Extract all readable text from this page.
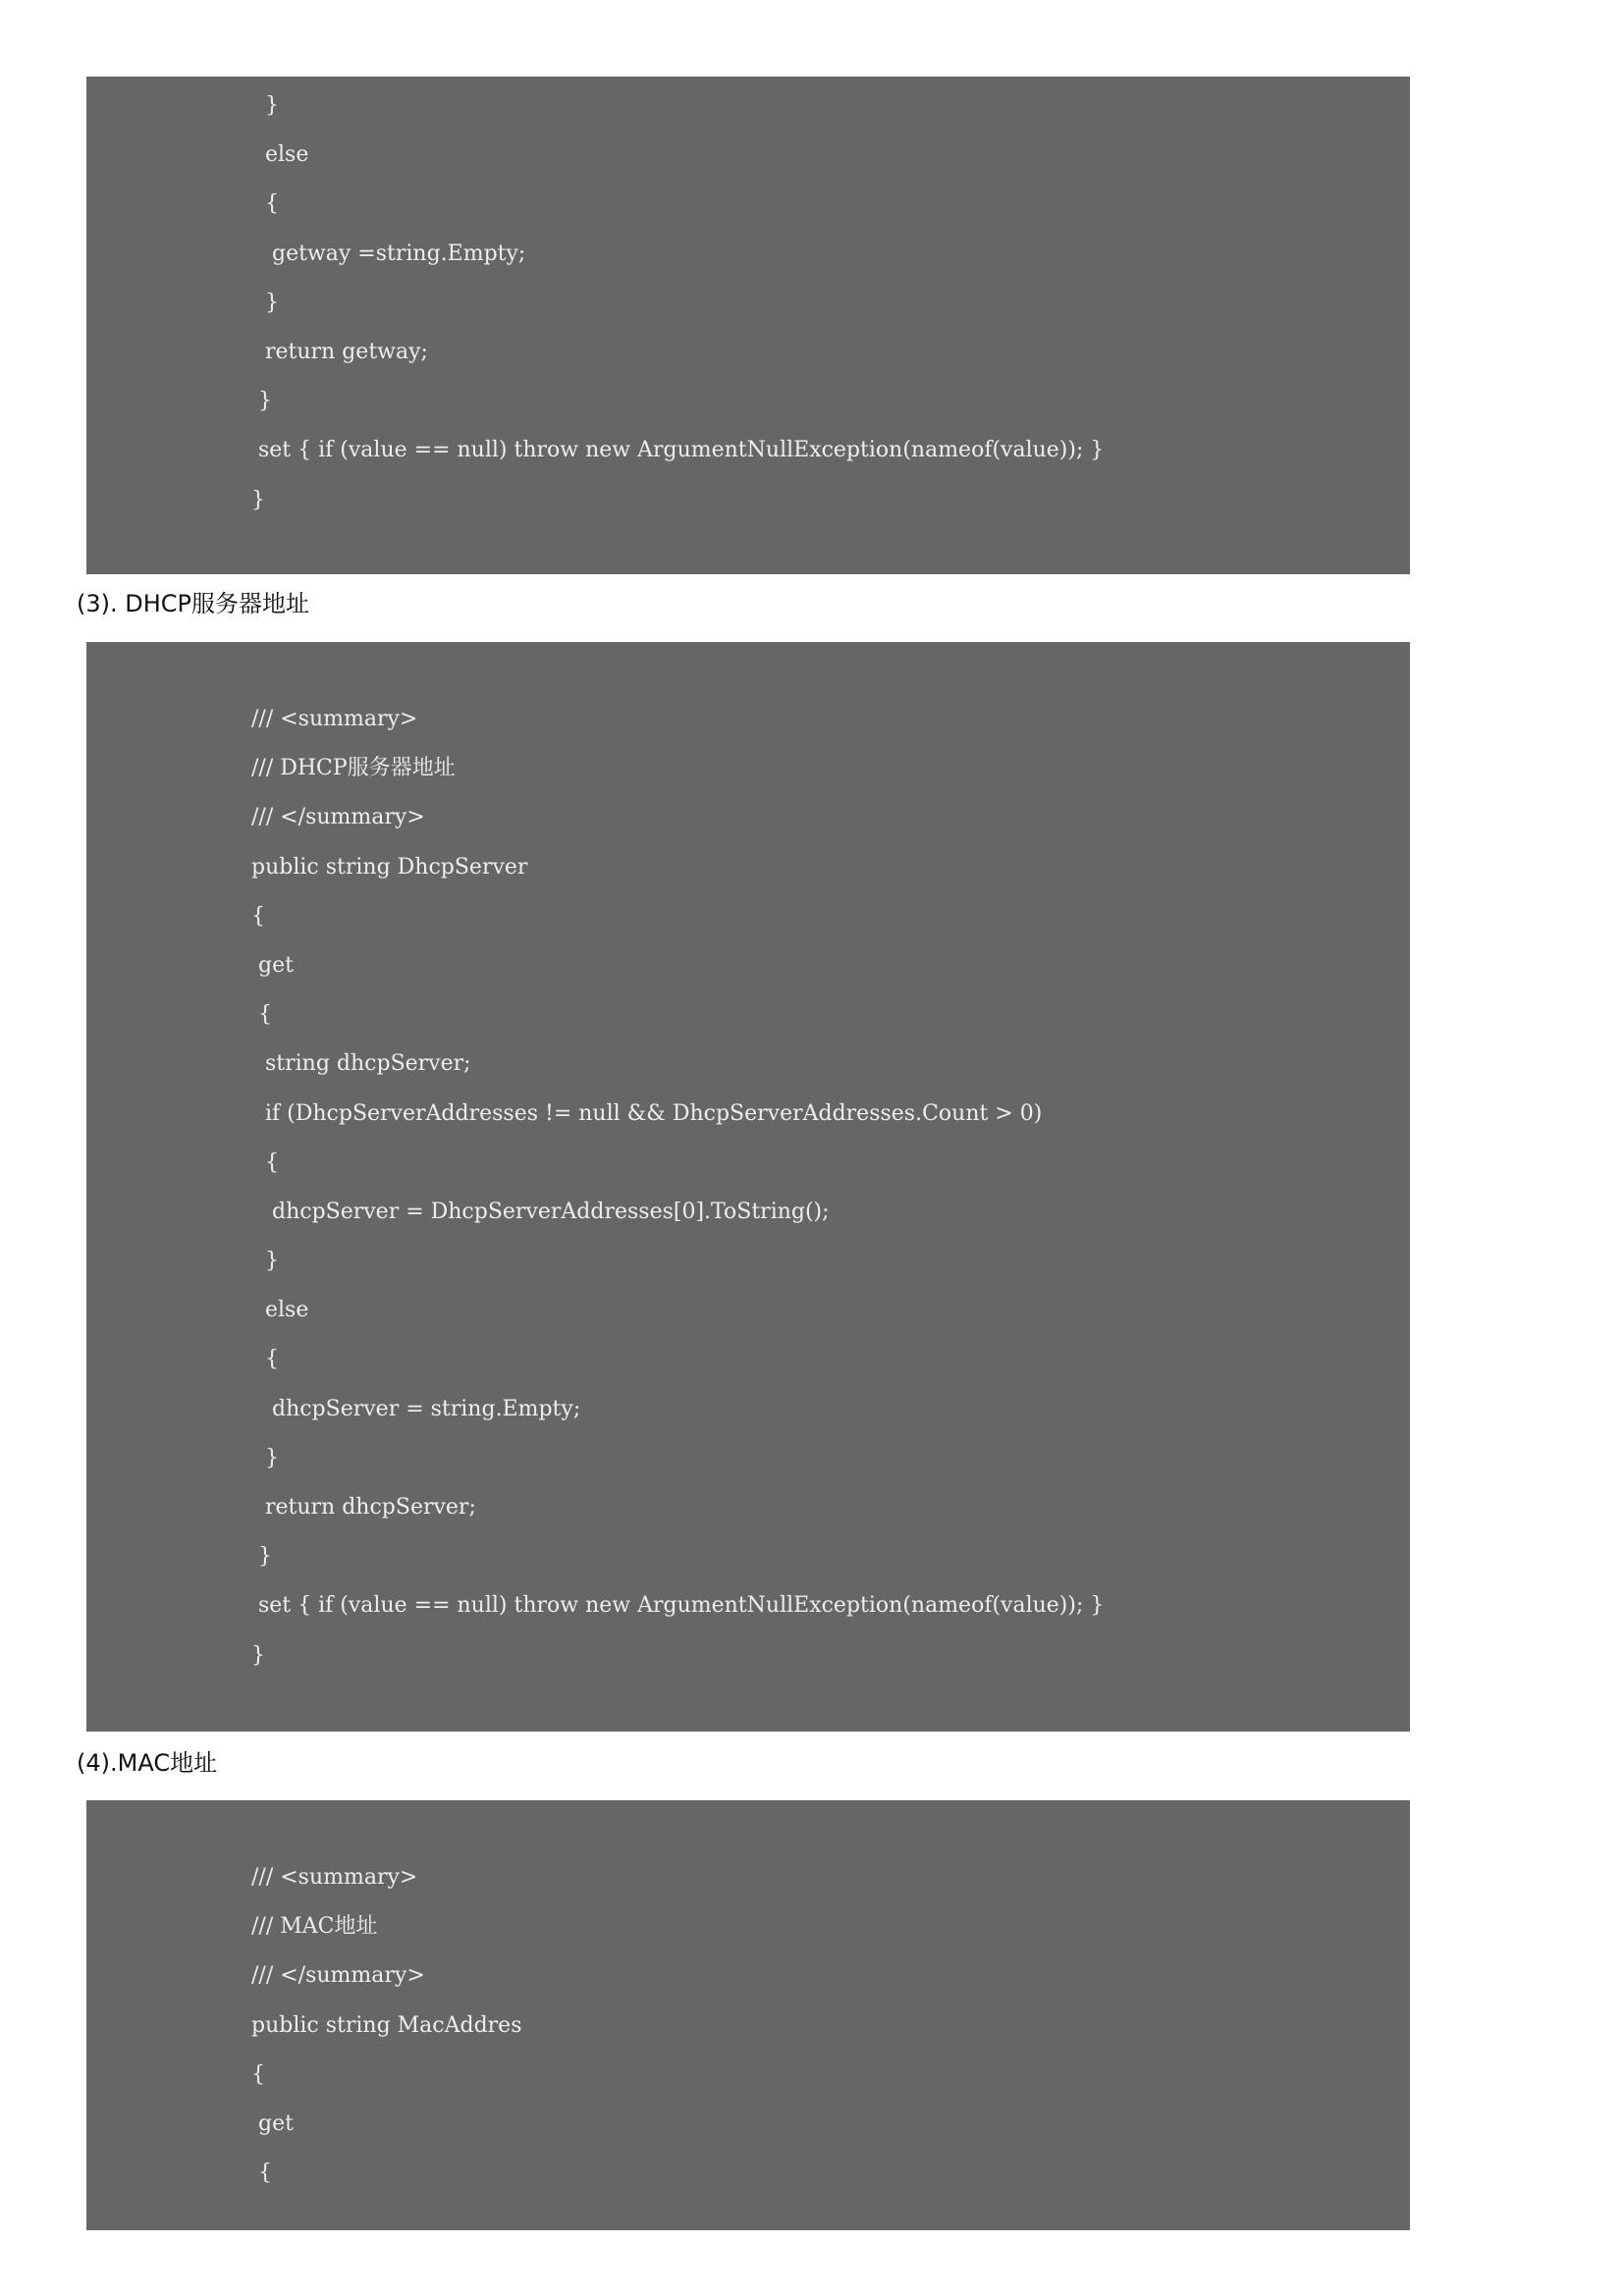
}
else
{
getway =string.Empty;
}
return getway;
}
set { if (value == null) throw new ArgumentNullException(nameof(value)); }
}
(3). DHCP服务器地址
/// <summary>
/// DHCP服务器地址
/// </summary>
public string DhcpServer
{
get
{
string dhcpServer;
if (DhcpServerAddresses != null && DhcpServerAddresses.Count > 0)
{
dhcpServer = DhcpServerAddresses[0].ToString();
}
else
{
dhcpServer = string.Empty;
}
return dhcpServer;
}
set { if (value == null) throw new ArgumentNullException(nameof(value)); }
}
(4).MAC地址
/// <summary>
/// MAC地址
/// </summary>
public string MacAddres
{
get
{
